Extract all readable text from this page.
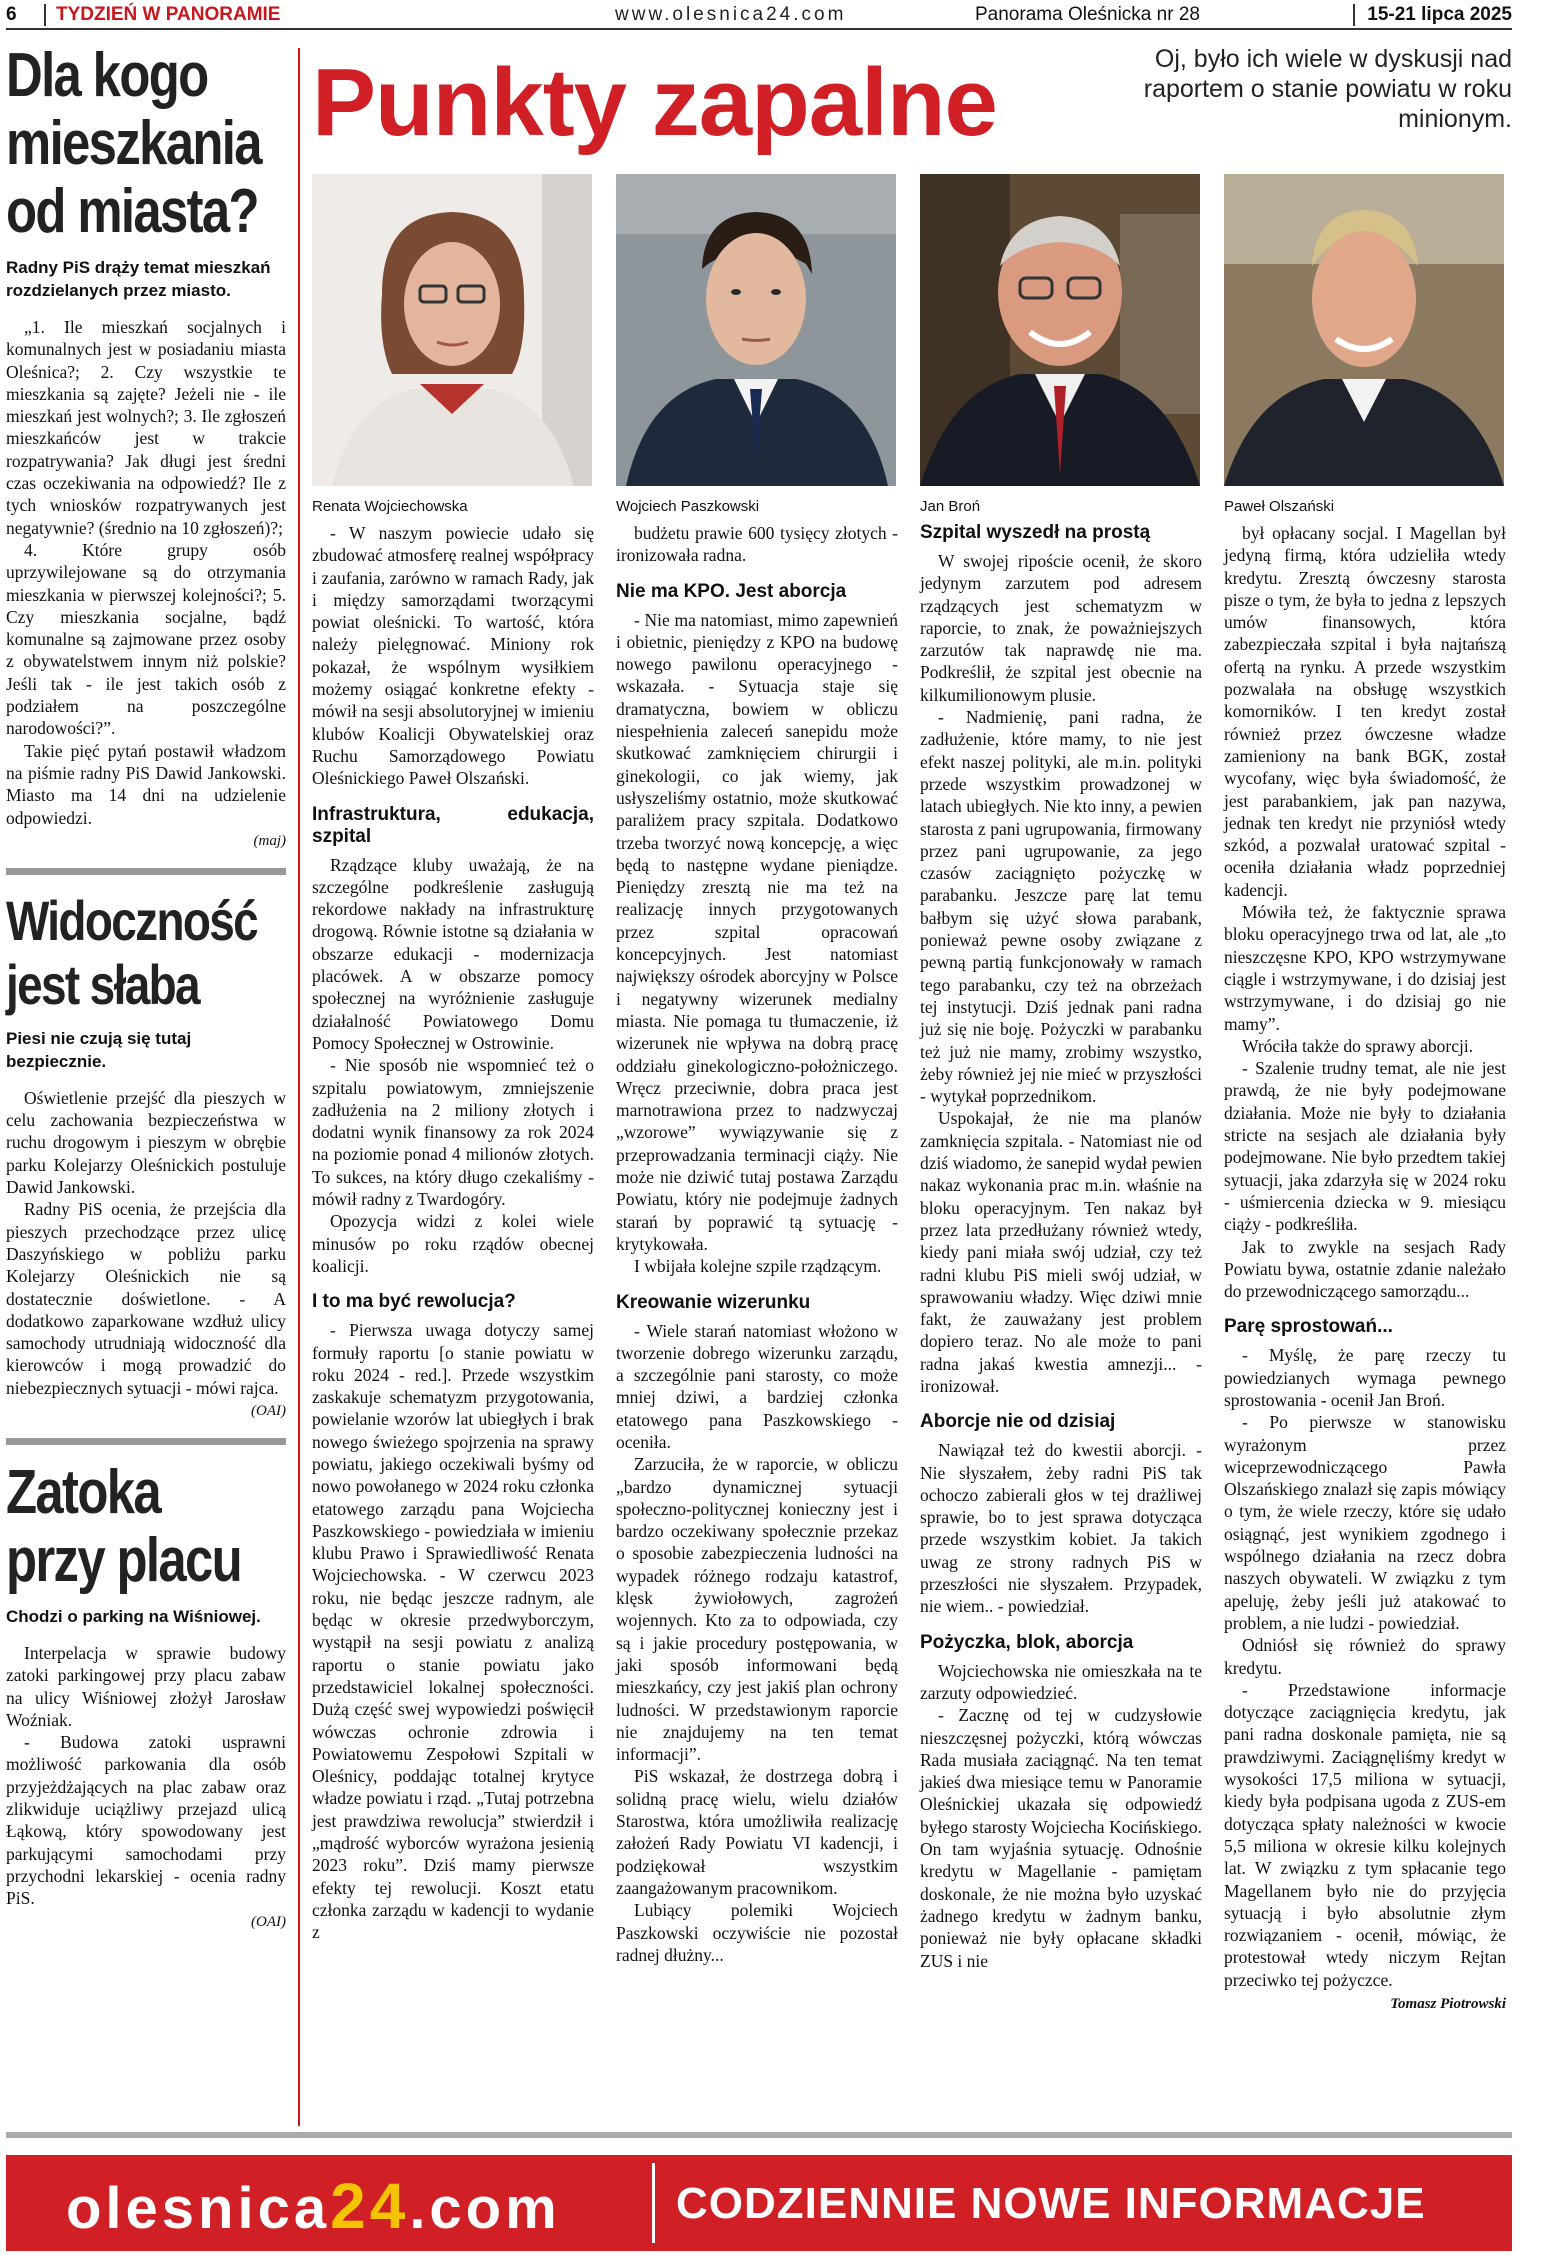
6	TYDZIEŃ W PANORAMIE	www.olesnica24.com	Panorama Oleśnicka nr 28	15-21 lipca 2025
Dla kogo
mieszkania
od miasta?
Radny PiS drąży temat mieszkań rozdzielanych przez miasto.

„1. Ile mieszkań socjalnych i komunalnych jest w posiadaniu miasta Oleśnica?; 2. Czy wszystkie te mieszkania są zajęte? Jeżeli nie - ile mieszkań jest wolnych?; 3. Ile zgłoszeń mieszkańców jest w trakcie rozpatrywania? Jak długi jest średni czas oczekiwania na odpowiedź? Ile z tych wniosków rozpatrywanych jest negatywnie? (średnio na 10 zgłoszeń)?;

4. Które grupy osób uprzywilejowane są do otrzymania mieszkania w pierwszej kolejności?; 5. Czy mieszkania socjalne, bądź komunalne są zajmowane przez osoby z obywatelstwem innym niż polskie? Jeśli tak - ile jest takich osób z podziałem na poszczególne narodowości?”.

Takie pięć pytań postawił władzom na piśmie radny PiS Dawid Jankowski. Miasto ma 14 dni na udzielenie odpowiedzi.

(maj)
Widoczność
jest słaba
Piesi nie czują się tutaj bezpiecznie.

Oświetlenie przejść dla pieszych w celu zachowania bezpieczeństwa w ruchu drogowym i pieszym w obrębie parku Kolejarzy Oleśnickich postuluje Dawid Jankowski.

Radny PiS ocenia, że przejścia dla pieszych przechodzące przez ulicę Daszyńskiego w pobliżu parku Kolejarzy Oleśnickich nie są dostatecznie doświetlone. - A dodatkowo zaparkowane wzdłuż ulicy samochody utrudniają widoczność dla kierowców i mogą prowadzić do niebezpiecznych sytuacji - mówi rajca.

(OAI)
Zatoka
przy placu
Chodzi o parking na Wiśniowej.

Interpelacja w sprawie budowy zatoki parkingowej przy placu zabaw na ulicy Wiśniowej złożył Jarosław Woźniak.

- Budowa zatoki usprawni możliwość parkowania dla osób przyjeżdżających na plac zabaw oraz zlikwiduje uciążliwy przejazd ulicą Łąkową, który spowodowany jest parkującymi samochodami przy przychodni lekarskiej - ocenia radny PiS.

(OAI)
Punkty zapalne	Oj, było ich wiele w dyskusji nad raportem o stanie powiatu w roku minionym.
Renata Wojciechowska	Wojciech Paszkowski	Jan Broń	Paweł Olszański

- W naszym powiecie udało się zbudować atmosferę realnej współpracy i zaufania, zarówno w ramach Rady, jak i między samorządami tworzącymi powiat oleśnicki. To wartość, która należy pielęgnować. Miniony rok pokazał, że wspólnym wysiłkiem możemy osiągać konkretne efekty - mówił na sesji absolutoryjnej w imieniu klubów Koalicji Obywatelskiej oraz Ruchu Samorządowego Powiatu Oleśnickiego Paweł Olszański.

Infrastruktura, edukacja, szpital

Rządzące kluby uważają, że na szczególne podkreślenie zasługują rekordowe nakłady na infrastrukturę drogową. Równie istotne są działania w obszarze edukacji - modernizacja placówek. A w obszarze pomocy społecznej na wyróżnienie zasługuje działalność Powiatowego Domu Pomocy Społecznej w Ostrowinie.

- Nie sposób nie wspomnieć też o szpitalu powiatowym, zmniejszenie zadłużenia na 2 miliony złotych i dodatni wynik finansowy za rok 2024 na poziomie ponad 4 milionów złotych. To sukces, na który długo czekaliśmy - mówił radny z Twardogóry.

Opozycja widzi z kolei wiele minusów po roku rządów obecnej koalicji.

I to ma być rewolucja?

- Pierwsza uwaga dotyczy samej formuły raportu [o stanie powiatu w roku 2024 - red.]. Przede wszystkim zaskakuje schematyzm przygotowania, powielanie wzorów lat ubiegłych i brak nowego świeżego spojrzenia na sprawy powiatu, jakiego oczekiwali byśmy od nowo powołanego w 2024 roku członka etatowego zarządu pana Wojciecha Paszkowskiego - powiedziała w imieniu klubu Prawo i Sprawiedliwość Renata Wojciechowska. - W czerwcu 2023 roku, nie będąc jeszcze radnym, ale będąc w okresie przedwyborczym, wystąpił na sesji powiatu z analizą raportu o stanie powiatu jako przedstawiciel lokalnej społeczności. Dużą część swej wypowiedzi poświęcił wówczas ochronie zdrowia i Powiatowemu Zespołowi Szpitali w Oleśnicy, poddając totalnej krytyce władze powiatu i rząd. „Tutaj potrzebna jest prawdziwa rewolucja” stwierdził i „mądrość wyborców wyrażona jesienią 2023 roku”. Dziś mamy pierwsze efekty tej rewolucji. Koszt etatu członka zarządu w kadencji to wydanie z

budżetu prawie 600 tysięcy złotych - ironizowała radna.

Nie ma KPO. Jest aborcja

- Nie ma natomiast, mimo zapewnień i obietnic, pieniędzy z KPO na budowę nowego pawilonu operacyjnego - wskazała. - Sytuacja staje się dramatyczna, bowiem w obliczu niespełnienia zaleceń sanepidu może skutkować zamknięciem chirurgii i ginekologii, co jak wiemy, jak usłyszeliśmy ostatnio, może skutkować paraliżem pracy szpitala. Dodatkowo trzeba tworzyć nową koncepcję, a więc będą to następne wydane pieniądze. Pieniędzy zresztą nie ma też na realizację innych przygotowanych przez szpital opracowań koncepcyjnych. Jest natomiast największy ośrodek aborcyjny w Polsce i negatywny wizerunek medialny miasta. Nie pomaga tu tłumaczenie, iż wizerunek nie wpływa na dobrą pracę oddziału ginekologiczno-położniczego. Wręcz przeciwnie, dobra praca jest marnotrawiona przez to nadzwyczaj „wzorowe” wywiązywanie się z przeprowadzania terminacji ciąży. Nie może nie dziwić tutaj postawa Zarządu Powiatu, który nie podejmuje żadnych starań by poprawić tą sytuację - krytykowała.

I wbijała kolejne szpile rządzącym.

Kreowanie wizerunku

- Wiele starań natomiast włożono w tworzenie dobrego wizerunku zarządu, a szczególnie pani starosty, co może mniej dziwi, a bardziej członka etatowego pana Paszkowskiego - oceniła.

Zarzuciła, że w raporcie, w obliczu „bardzo dynamicznej sytuacji społeczno-politycznej konieczny jest i bardzo oczekiwany społecznie przekaz o sposobie zabezpieczenia ludności na wypadek różnego rodzaju katastrof, klęsk żywiołowych, zagrożeń wojennych. Kto za to odpowiada, czy są i jakie procedury postępowania, w jaki sposób informowani będą mieszkańcy, czy jest jakiś plan ochrony ludności. W przedstawionym raporcie nie znajdujemy na ten temat informacji”.

PiS wskazał, że dostrzega dobrą i solidną pracę wielu, wielu działów Starostwa, która umożliwiła realizację założeń Rady Powiatu VI kadencji, i podziękował wszystkim zaangażowanym pracownikom.

Lubiący polemiki Wojciech Paszkowski oczywiście nie pozostał radnej dłużny...

Szpital wyszedł na prostą

W swojej ripoście ocenił, że skoro jedynym zarzutem pod adresem rządzących jest schematyzm w raporcie, to znak, że poważniejszych zarzutów tak naprawdę nie ma. Podkreślił, że szpital jest obecnie na kilkumilionowym plusie.

- Nadmienię, pani radna, że zadłużenie, które mamy, to nie jest efekt naszej polityki, ale m.in. polityki przede wszystkim prowadzonej w latach ubiegłych. Nie kto inny, a pewien starosta z pani ugrupowania, firmowany przez pani ugrupowanie, za jego czasów zaciągnięto pożyczkę w parabanku. Jeszcze parę lat temu bałbym się użyć słowa parabank, ponieważ pewne osoby związane z pewną partią funkcjonowały w ramach tego parabanku, czy też na obrzeżach tej instytucji. Dziś jednak pani radna już się nie boję. Pożyczki w parabanku też już nie mamy, zrobimy wszystko, żeby również jej nie mieć w przyszłości - wytykał poprzednikom.

Uspokajał, że nie ma planów zamknięcia szpitala. - Natomiast nie od dziś wiadomo, że sanepid wydał pewien nakaz wykonania prac m.in. właśnie na bloku operacyjnym. Ten nakaz był przez lata przedłużany również wtedy, kiedy pani miała swój udział, czy też radni klubu PiS mieli swój udział, w sprawowaniu władzy. Więc dziwi mnie fakt, że zauważany jest problem dopiero teraz. No ale może to pani radna jakaś kwestia amnezji... - ironizował.

Aborcje nie od dzisiaj

Nawiązał też do kwestii aborcji. - Nie słyszałem, żeby radni PiS tak ochoczo zabierali głos w tej drażliwej sprawie, bo to jest sprawa dotycząca przede wszystkim kobiet. Ja takich uwag ze strony radnych PiS w przeszłości nie słyszałem. Przypadek, nie wiem.. - powiedział.

Pożyczka, blok, aborcja

Wojciechowska nie omieszkała na te zarzuty odpowiedzieć.

- Zacznę od tej w cudzysłowie nieszczęsnej pożyczki, którą wówczas Rada musiała zaciągnąć. Na ten temat jakieś dwa miesiące temu w Panoramie Oleśnickiej ukazała się odpowiedź byłego starosty Wojciecha Kocińskiego. On tam wyjaśnia sytuację. Odnośnie kredytu w Magellanie - pamiętam doskonale, że nie można było uzyskać żadnego kredytu w żadnym banku, ponieważ nie były opłacane składki ZUS i nie

był opłacany socjal. I Magellan był jedyną firmą, która udzieliła wtedy kredytu. Zresztą ówczesny starosta pisze o tym, że była to jedna z lepszych umów finansowych, która zabezpieczała szpital i była najtańszą ofertą na rynku. A przede wszystkim pozwalała na obsługę wszystkich komorników. I ten kredyt został również przez ówczesne władze zamieniony na bank BGK, został wycofany, więc była świadomość, że jest parabankiem, jak pan nazywa, jednak ten kredyt nie przyniósł wtedy szkód, a pozwalał uratować szpital - oceniła działania władz poprzedniej kadencji.

Mówiła też, że faktycznie sprawa bloku operacyjnego trwa od lat, ale „to nieszczęsne KPO, KPO wstrzymywane ciągle i wstrzymywane, i do dzisiaj jest wstrzymywane, i do dzisiaj go nie mamy”.

Wróciła także do sprawy aborcji.

- Szalenie trudny temat, ale nie jest prawdą, że nie były podejmowane działania. Może nie były to działania stricte na sesjach ale działania były podejmowane. Nie było przedtem takiej sytuacji, jaka zdarzyła się w 2024 roku - uśmiercenia dziecka w 9. miesiącu ciąży - podkreśliła.

Jak to zwykle na sesjach Rady Powiatu bywa, ostatnie zdanie należało do przewodniczącego samorządu...

Parę sprostowań...

- Myślę, że parę rzeczy tu powiedzianych wymaga pewnego sprostowania - ocenił Jan Broń.

- Po pierwsze w stanowisku wyrażonym przez wiceprzewodniczącego Pawła Olszańskiego znalazł się zapis mówiący o tym, że wiele rzeczy, które się udało osiągnąć, jest wynikiem zgodnego i wspólnego działania na rzecz dobra naszych obywateli. W związku z tym apeluję, żeby jeśli już atakować to problem, a nie ludzi - powiedział.

Odniósł się również do sprawy kredytu.

- Przedstawione informacje dotyczące zaciągnięcia kredytu, jak pani radna doskonale pamięta, nie są prawdziwymi. Zaciągnęliśmy kredyt w wysokości 17,5 miliona w sytuacji, kiedy była podpisana ugoda z ZUS-em dotycząca spłaty należności w kwocie 5,5 miliona w okresie kilku kolejnych lat. W związku z tym spłacanie tego Magellanem było nie do przyjęcia sytuacją i było absolutnie złym rozwiązaniem - ocenił, mówiąc, że protestował wtedy niczym Rejtan przeciwko tej pożyczce.

Tomasz Piotrowski
olesnica24.com	CODZIENNIE NOWE INFORMACJE
